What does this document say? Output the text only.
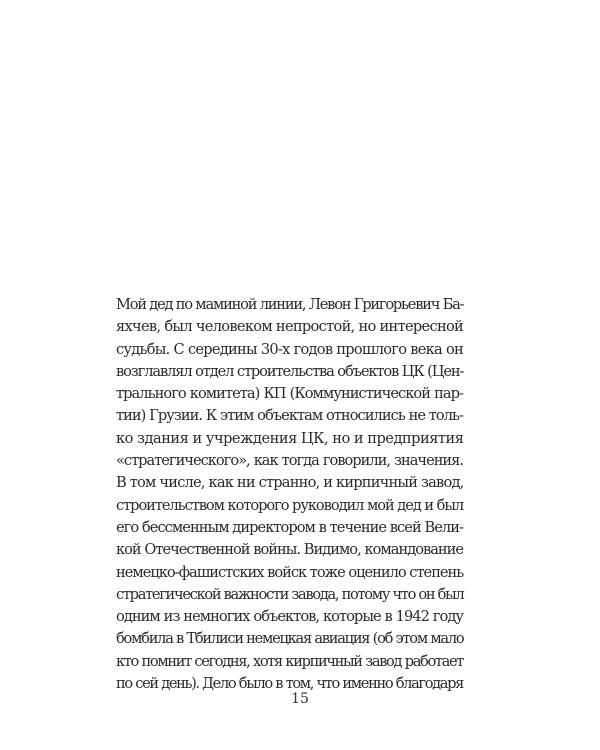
Мой дед по маминой линии, Левон Григорьевич Ба-
яхчев, был человеком непростой, но интересной
судьбы. С середины 30-х годов прошлого века он
возглавлял отдел строительства объектов ЦК (Цен-
трального комитета) КП (Коммунистической пар-
тии) Грузии. К этим объектам относились не толь-
ко здания и учреждения ЦК, но и предприятия
«стратегического», как тогда говорили, значения.
В том числе, как ни странно, и кирпичный завод,
строительством которого руководил мой дед и был
его бессменным директором в течение всей Вели-
кой Отечественной войны. Видимо, командование
немецко-фашистских войск тоже оценило степень
стратегической важности завода, потому что он был
одним из немногих объектов, которые в 1942 году
бомбила в Тбилиси немецкая авиация (об этом мало
кто помнит сегодня, хотя кирпичный завод работает
по сей день). Дело было в том, что именно благодаря
15
